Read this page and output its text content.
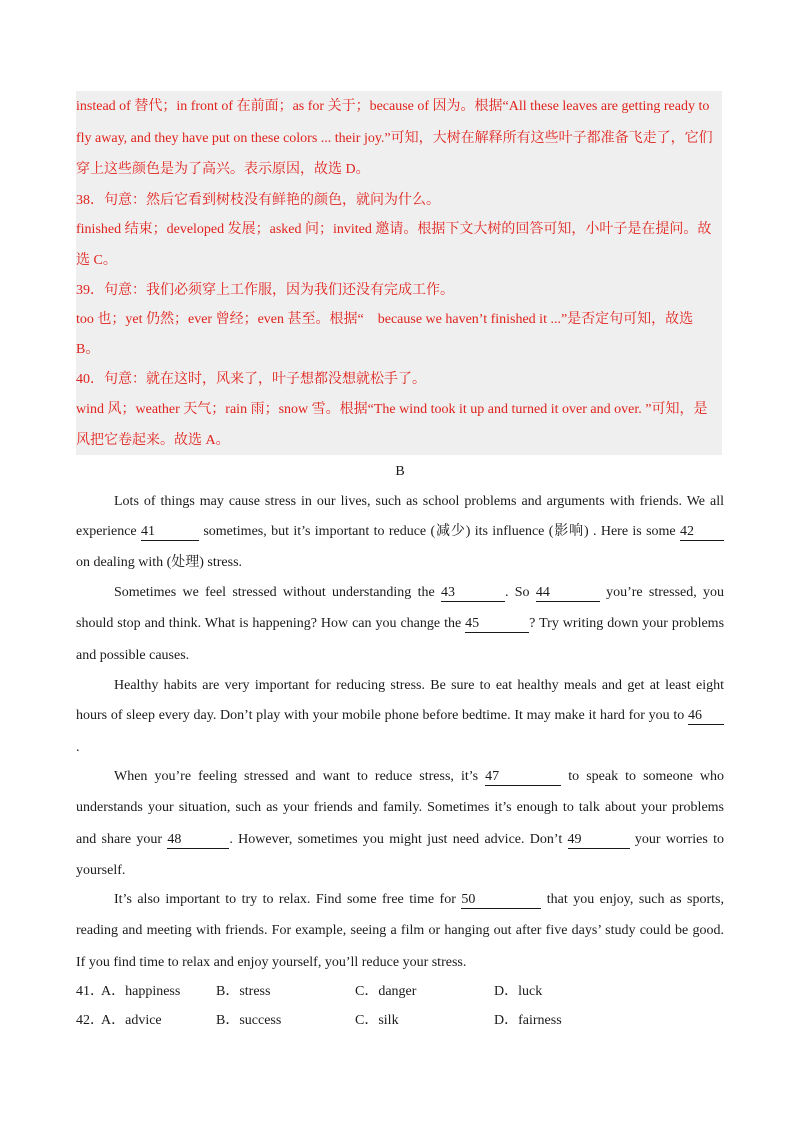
instead of 替代；in front of 在前面；as for 关于；because of 因为。根据“All these leaves are getting ready to
fly away, and they have put on these colors ... their joy.”可知，大树在解释所有这些叶子都准备飞走了，它们
穿上这些颜色是为了高兴。表示原因，故选 D。
38．句意：然后它看到树枝没有鲜艳的颜色，就问为什么。
finished 结束；developed 发展；asked 问；invited 邀请。根据下文大树的回答可知，小叶子是在提问。故
选 C。
39．句意：我们必须穿上工作服，因为我们还没有完成工作。
too 也；yet 仍然；ever 曾经；even 甚至。根据“　because we haven’t finished it ...”是否定句可知，故选
B。
40．句意：就在这时，风来了，叶子想都没想就松手了。
wind 风；weather 天气；rain 雨；snow 雪。根据“The wind took it up and turned it over and over. ”可知，是
风把它卷起来。故选 A。
B
Lots of things may cause stress in our lives, such as school problems and arguments with friends. We all
experience 41	sometimes, but it’s important to reduce (减少) its influence (影响) . Here is some 42
on dealing with (处理) stress.
Sometimes we feel stressed without understanding the 43	. So 44	you’re stressed, you
should stop and think. What is happening? How can you change the 45	? Try writing down your problems
and possible causes.
Healthy habits are very important for reducing stress. Be sure to eat healthy meals and get at least eight
hours of sleep every day. Don’t play with your mobile phone before bedtime. It may make it hard for you to 46
.
When you’re feeling stressed and want to reduce stress, it’s 47	to speak to someone who
understands your situation, such as your friends and family. Sometimes it’s enough to talk about your problems
and share your 48	. However, sometimes you might just need advice. Don’t 49	your worries to
yourself.
It’s also important to try to relax. Find some free time for 50	that you enjoy, such as sports,
reading and meeting with friends. For example, seeing a film or hanging out after five days’ study could be good.
If you find time to relax and enjoy yourself, you’ll reduce your stress.
41．
A．happiness	B．stress	C．danger	D．luck
42．
A．advice	B．success	C．silk	D．fairness
